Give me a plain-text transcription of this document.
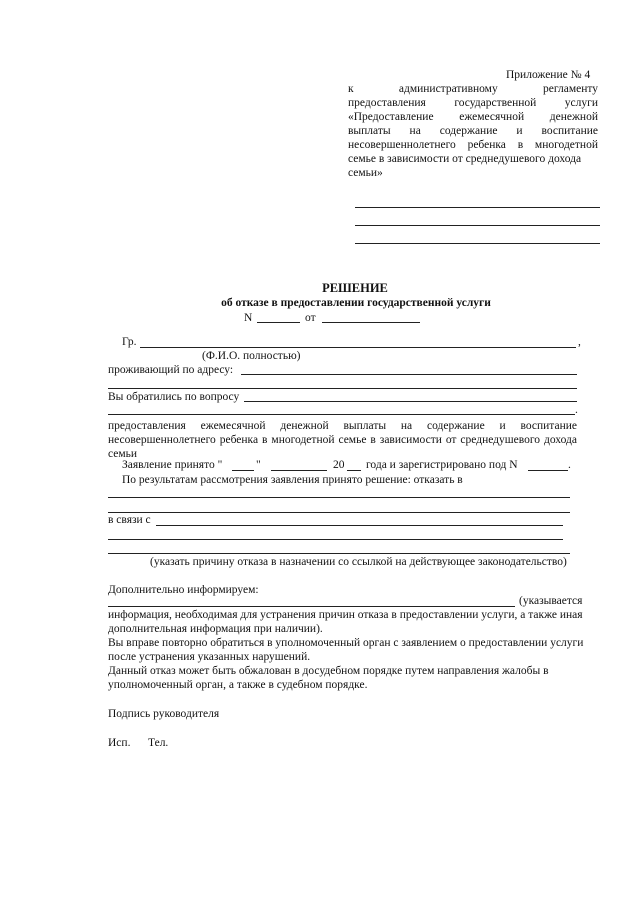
Приложение № 4
к административному регламенту
предоставления государственной услуги
«Предоставление ежемесячной денежной
выплаты на содержание и воспитание
несовершеннолетнего ребенка в многодетной
семье в зависимости от среднедушевого дохода
семьи»
РЕШЕНИЕ
об отказе в предоставлении государственной услуги
N	от
Гр.	,
(Ф.И.О. полностью)
проживающий по адресу:
Вы обратились по вопросу
.
предоставления ежемесячной денежной выплаты на содержание и воспитание
несовершеннолетнего ребенка в многодетной семье в зависимости от среднедушевого дохода
семьи
Заявление принято "	"	20 года и зарегистрировано под N	.
По результатам рассмотрения заявления принято решение: отказать в
в связи с
(указать причину отказа в назначении со ссылкой на действующее законодательство)
Дополнительно информируем:
(указывается
информация, необходимая для устранения причин отказа в предоставлении услуги, а также иная
дополнительная информация при наличии).
Вы вправе повторно обратиться в уполномоченный орган с заявлением о предоставлении услуги
после устранения указанных нарушений.
Данный отказ может быть обжалован в досудебном порядке путем направления жалобы в
уполномоченный орган, а также в судебном порядке.
Подпись руководителя
Исп. Тел.
